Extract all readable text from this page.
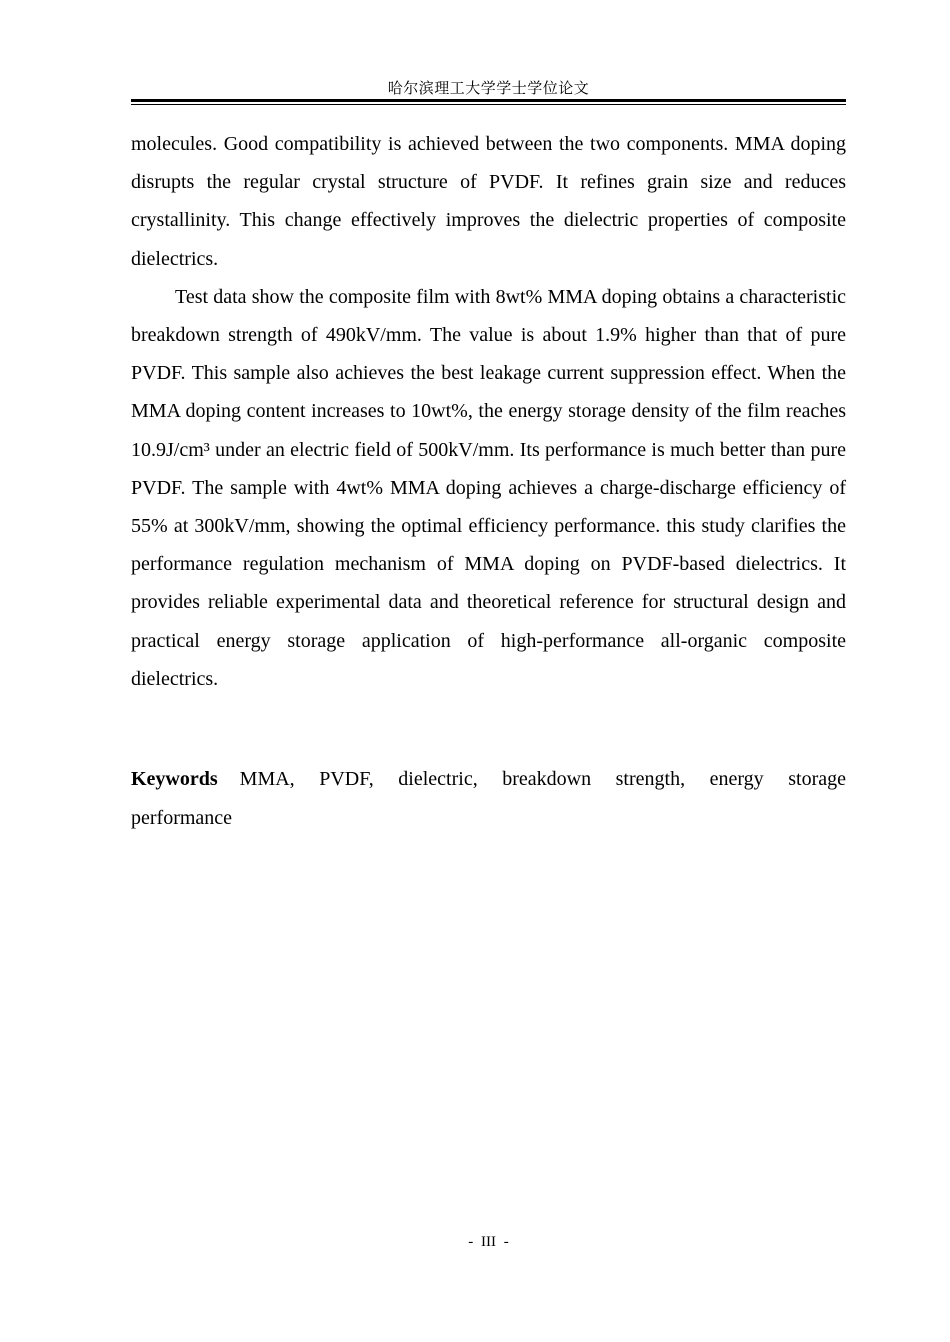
哈尔滨理工大学学士学位论文

molecules. Good compatibility is achieved between the two components. MMA doping disrupts the regular crystal structure of PVDF. It refines grain size and reduces crystallinity. This change effectively improves the dielectric properties of composite dielectrics.

Test data show the composite film with 8wt% MMA doping obtains a characteristic breakdown strength of 490kV/mm. The value is about 1.9% higher than that of pure PVDF. This sample also achieves the best leakage current suppression effect. When the MMA doping content increases to 10wt%, the energy storage density of the film reaches 10.9J/cm³ under an electric field of 500kV/mm. Its performance is much better than pure PVDF. The sample with 4wt% MMA doping achieves a charge-discharge efficiency of 55% at 300kV/mm, showing the optimal efficiency performance. this study clarifies the performance regulation mechanism of MMA doping on PVDF-based dielectrics. It provides reliable experimental data and theoretical reference for structural design and practical energy storage application of high-performance all-organic composite dielectrics.

Keywords MMA, PVDF, dielectric, breakdown strength, energy storage performance
- III -
